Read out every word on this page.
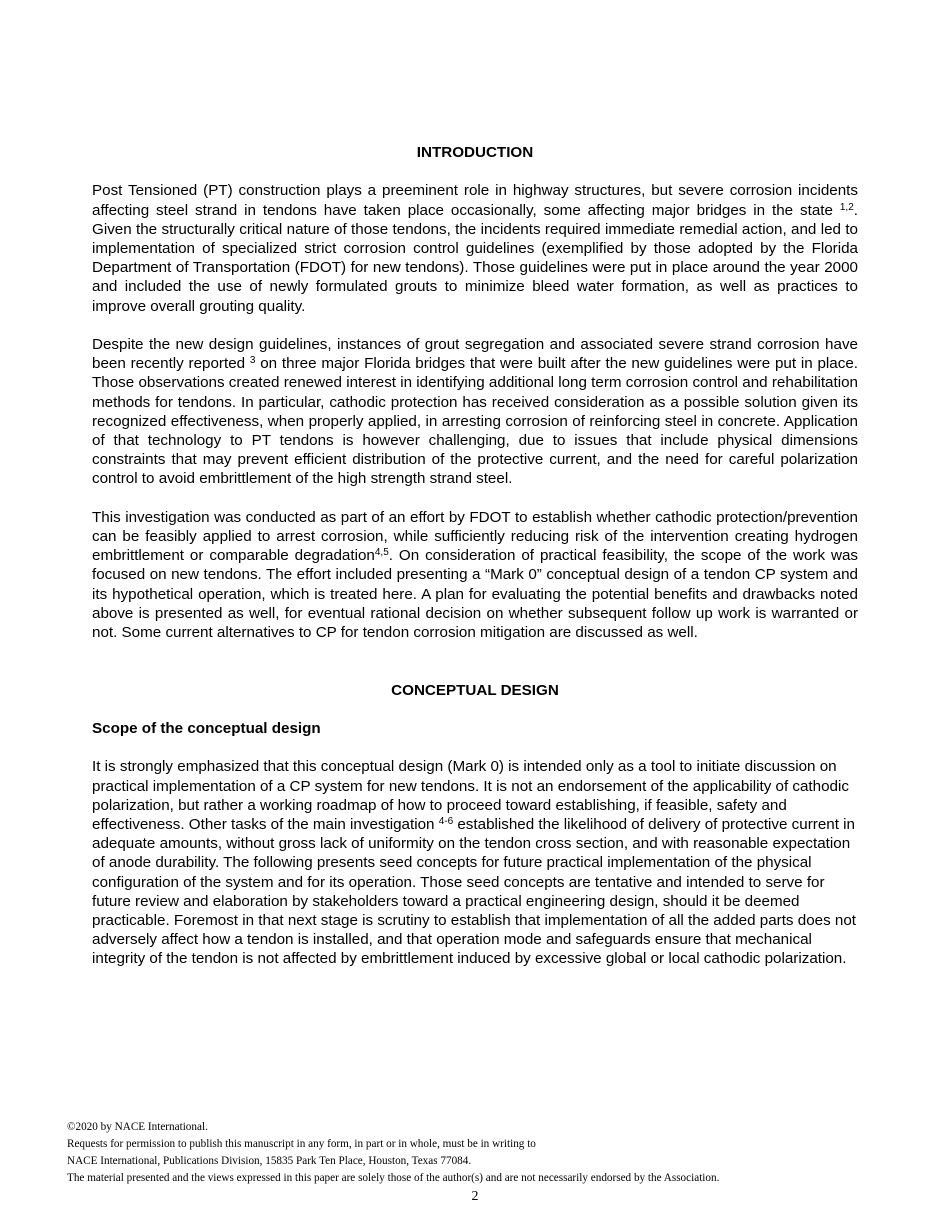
INTRODUCTION

Post Tensioned (PT) construction plays a preeminent role in highway structures, but severe corrosion incidents affecting steel strand in tendons have taken place occasionally, some affecting major bridges in the state $^{1,2}$. Given the structurally critical nature of those tendons, the incidents required immediate remedial action, and led to implementation of specialized strict corrosion control guidelines (exemplified by those adopted by the Florida Department of Transportation (FDOT) for new tendons). Those guidelines were put in place around the year 2000 and included the use of newly formulated grouts to minimize bleed water formation, as well as practices to improve overall grouting quality.

Despite the new design guidelines, instances of grout segregation and associated severe strand corrosion have been recently reported $^3$ on three major Florida bridges that were built after the new guidelines were put in place. Those observations created renewed interest in identifying additional long term corrosion control and rehabilitation methods for tendons. In particular, cathodic protection has received consideration as a possible solution given its recognized effectiveness, when properly applied, in arresting corrosion of reinforcing steel in concrete. Application of that technology to PT tendons is however challenging, due to issues that include physical dimensions constraints that may prevent efficient distribution of the protective current, and the need for careful polarization control to avoid embrittlement of the high strength strand steel.

This investigation was conducted as part of an effort by FDOT to establish whether cathodic protection/prevention can be feasibly applied to arrest corrosion, while sufficiently reducing risk of the intervention creating hydrogen embrittlement or comparable degradation$^{4,5}$. On consideration of practical feasibility, the scope of the work was focused on new tendons. The effort included presenting a “Mark 0” conceptual design of a tendon CP system and its hypothetical operation, which is treated here. A plan for evaluating the potential benefits and drawbacks noted above is presented as well, for eventual rational decision on whether subsequent follow up work is warranted or not. Some current alternatives to CP for tendon corrosion mitigation are discussed as well.

CONCEPTUAL DESIGN
Scope of the conceptual design

It is strongly emphasized that this conceptual design (Mark 0) is intended only as a tool to initiate discussion on practical implementation of a CP system for new tendons. It is not an endorsement of the applicability of cathodic polarization, but rather a working roadmap of how to proceed toward establishing, if feasible, safety and effectiveness. Other tasks of the main investigation $^{4-6}$ established the likelihood of delivery of protective current in adequate amounts, without gross lack of uniformity on the tendon cross section, and with reasonable expectation of anode durability. The following presents seed concepts for future practical implementation of the physical configuration of the system and for its operation. Those seed concepts are tentative and intended to serve for future review and elaboration by stakeholders toward a practical engineering design, should it be deemed practicable. Foremost in that next stage is scrutiny to establish that implementation of all the added parts does not adversely affect how a tendon is installed, and that operation mode and safeguards ensure that mechanical integrity of the tendon is not affected by embrittlement induced by excessive global or local cathodic polarization.

©2020 by NACE International.
Requests for permission to publish this manuscript in any form, in part or in whole, must be in writing to
NACE International, Publications Division, 15835 Park Ten Place, Houston, Texas 77084.
The material presented and the views expressed in this paper are solely those of the author(s) and are not necessarily endorsed by the Association.
2
